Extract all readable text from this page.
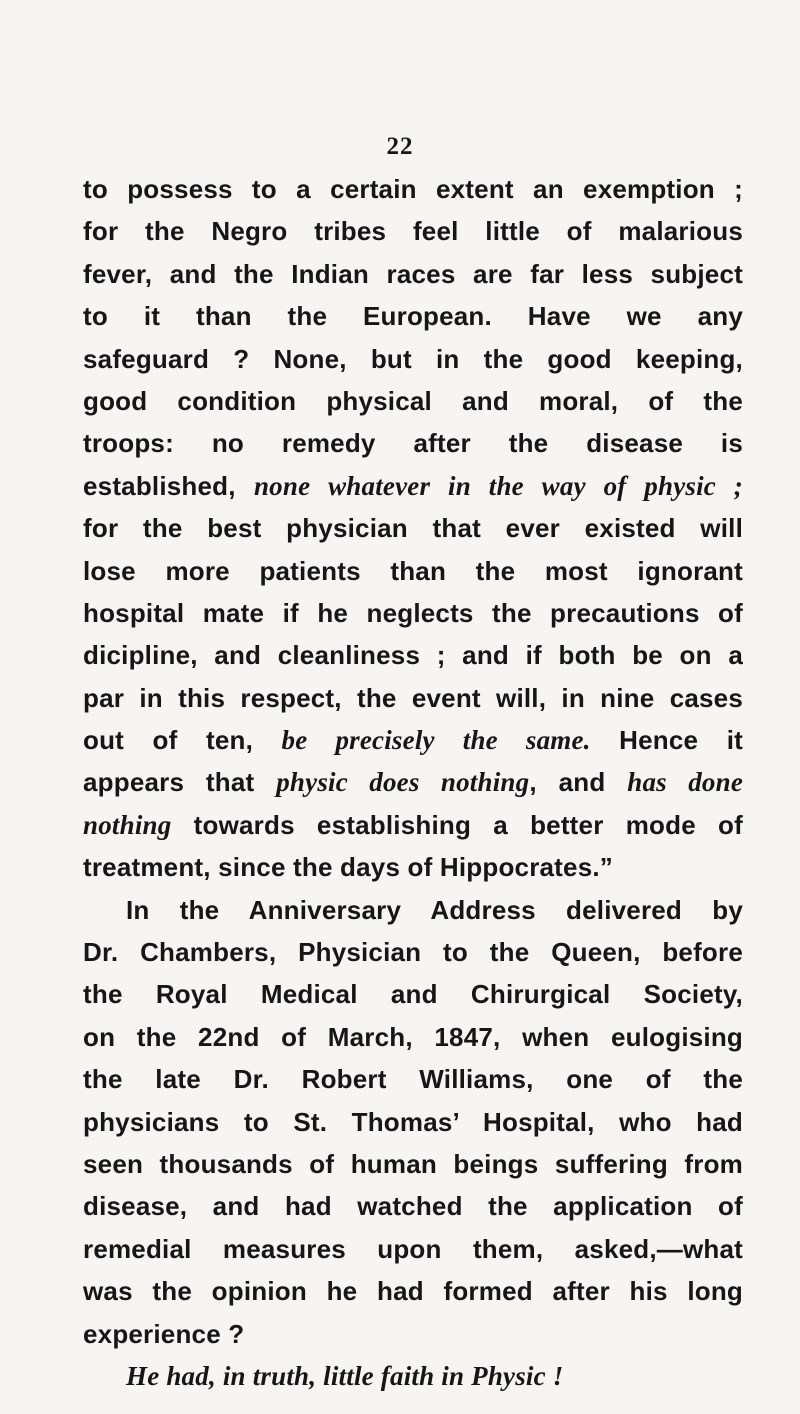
22
to possess to a certain extent an exemption ;
for the Negro tribes feel little of malarious
fever, and the Indian races are far less subject
to it than the European. Have we any
safeguard ? None, but in the good keeping,
good condition physical and moral, of the
troops: no remedy after the disease is
established, none whatever in the way of physic ;
for the best physician that ever existed will
lose more patients than the most ignorant
hospital mate if he neglects the precautions of
dicipline, and cleanliness ; and if both be on a
par in this respect, the event will, in nine cases
out of ten, be precisely the same. Hence it
appears that physic does nothing, and has done
nothing towards establishing a better mode of
treatment, since the days of Hippocrates.”
In the Anniversary Address delivered by
Dr. Chambers, Physician to the Queen, before
the Royal Medical and Chirurgical Society,
on the 22nd of March, 1847, when eulogising
the late Dr. Robert Williams, one of the
physicians to St. Thomas’ Hospital, who had
seen thousands of human beings suffering from
disease, and had watched the application of
remedial measures upon them, asked,—what
was the opinion he had formed after his long
experience ?
He had, in truth, little faith in Physic !
